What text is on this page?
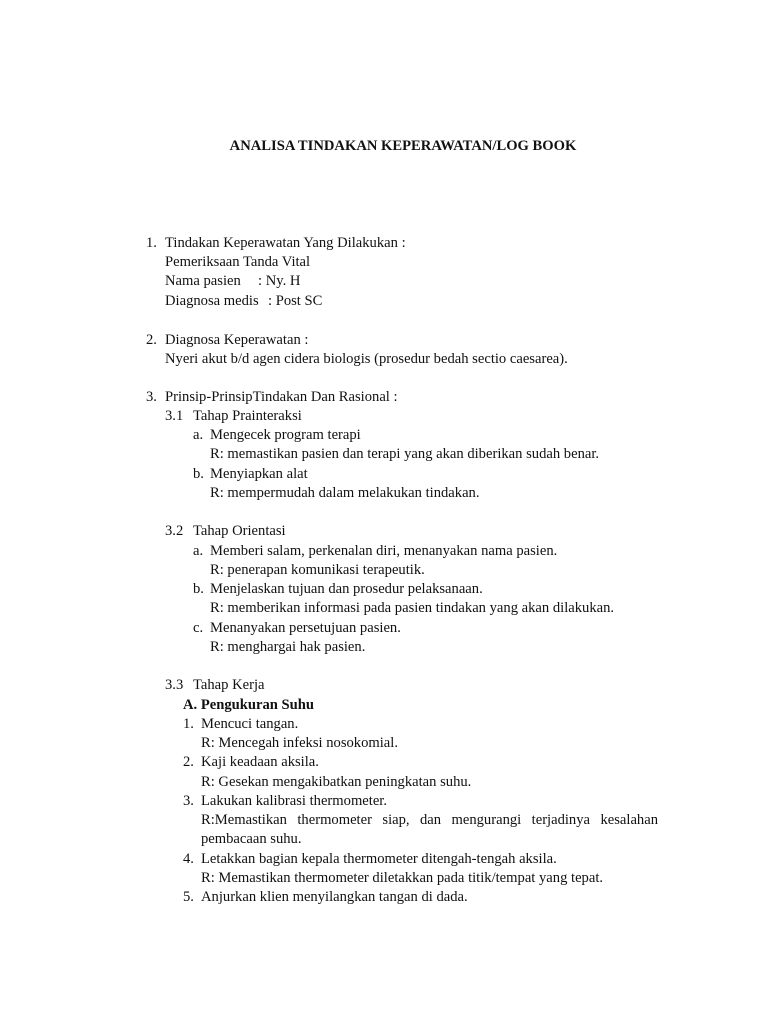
ANALISA TINDAKAN KEPERAWATAN/LOG BOOK
1. Tindakan Keperawatan Yang Dilakukan :
Pemeriksaan Tanda Vital
Nama pasien : Ny. H
Diagnosa medis : Post SC
2. Diagnosa Keperawatan :
Nyeri akut b/d agen cidera biologis (prosedur bedah sectio caesarea).
3. Prinsip-PrinsipTindakan Dan Rasional :
3.1 Tahap Prainteraksi
a. Mengecek program terapi
R: memastikan pasien dan terapi yang akan diberikan sudah benar.
b. Menyiapkan alat
R: mempermudah dalam melakukan tindakan.
3.2 Tahap Orientasi
a. Memberi salam, perkenalan diri, menanyakan nama pasien.
R: penerapan komunikasi terapeutik.
b. Menjelaskan tujuan dan prosedur pelaksanaan.
R: memberikan informasi pada pasien tindakan yang akan dilakukan.
c. Menanyakan persetujuan pasien.
R: menghargai hak pasien.
3.3 Tahap Kerja
A. Pengukuran Suhu
1. Mencuci tangan.
R: Mencegah infeksi nosokomial.
2. Kaji keadaan aksila.
R: Gesekan mengakibatkan peningkatan suhu.
3. Lakukan kalibrasi thermometer.
R:Memastikan thermometer siap, dan mengurangi terjadinya kesalahan
pembacaan suhu.
4. Letakkan bagian kepala thermometer ditengah-tengah aksila.
R: Memastikan thermometer diletakkan pada titik/tempat yang tepat.
5. Anjurkan klien menyilangkan tangan di dada.
